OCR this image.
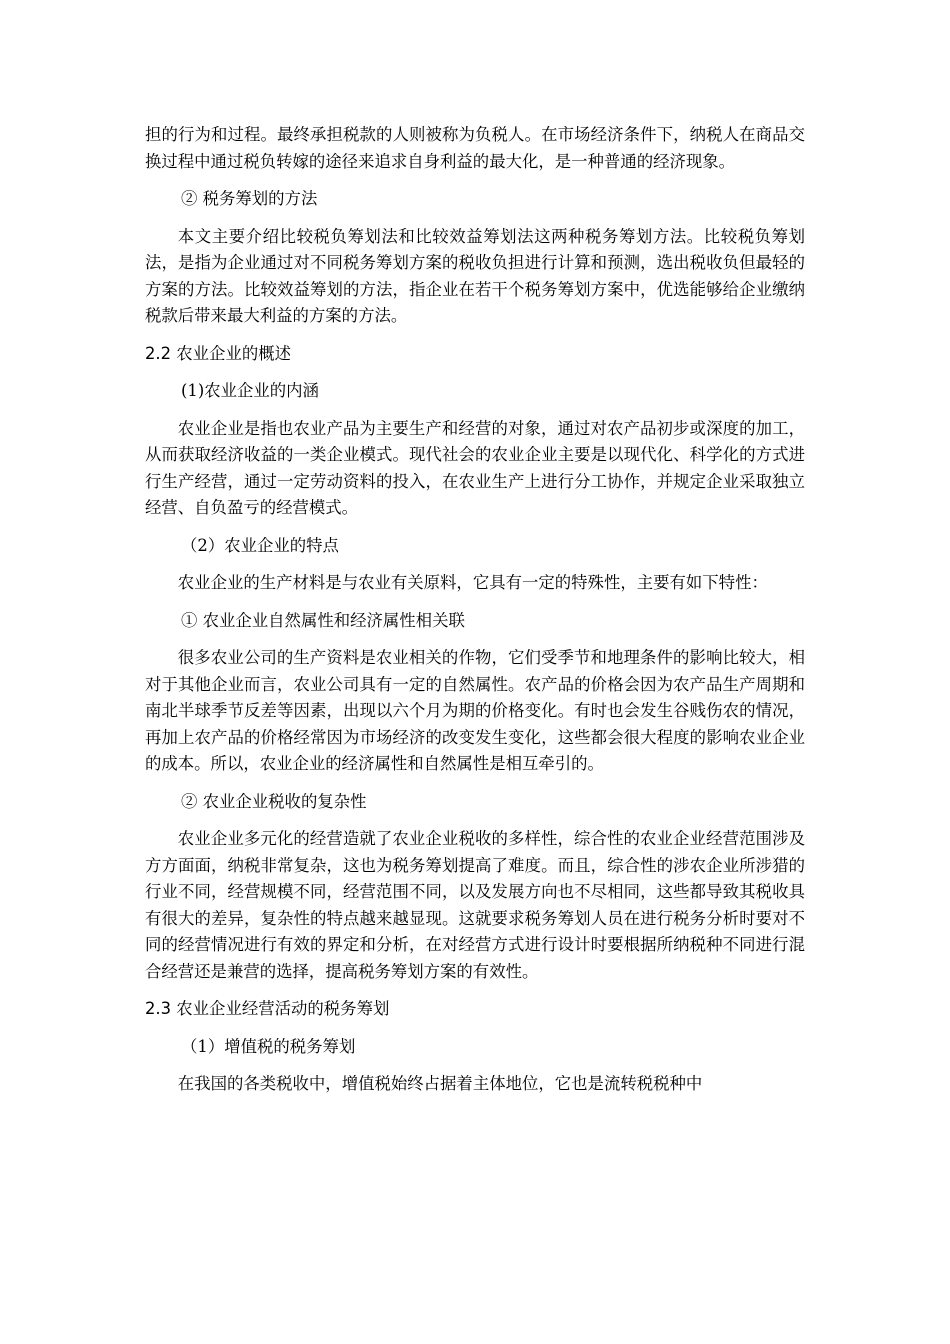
担的行为和过程。最终承担税款的人则被称为负税人。在市场经济条件下，纳税人在商品交换过程中通过税负转嫁的途径来追求自身利益的最大化，是一种普通的经济现象。

② 税务筹划的方法

本文主要介绍比较税负筹划法和比较效益筹划法这两种税务筹划方法。比较税负筹划法，是指为企业通过对不同税务筹划方案的税收负担进行计算和预测，选出税收负但最轻的方案的方法。比较效益筹划的方法，指企业在若干个税务筹划方案中，优选能够给企业缴纳税款后带来最大利益的方案的方法。

2.2 农业企业的概述

(1)农业企业的内涵

农业企业是指也农业产品为主要生产和经营的对象，通过对农产品初步或深度的加工，从而获取经济收益的一类企业模式。现代社会的农业企业主要是以现代化、科学化的方式进行生产经营，通过一定劳动资料的投入，在农业生产上进行分工协作，并规定企业采取独立经营、自负盈亏的经营模式。

（2）农业企业的特点

农业企业的生产材料是与农业有关原料，它具有一定的特殊性，主要有如下特性：

① 农业企业自然属性和经济属性相关联

很多农业公司的生产资料是农业相关的作物，它们受季节和地理条件的影响比较大，相对于其他企业而言，农业公司具有一定的自然属性。农产品的价格会因为农产品生产周期和南北半球季节反差等因素，出现以六个月为期的价格变化。有时也会发生谷贱伤农的情况，再加上农产品的价格经常因为市场经济的改变发生变化，这些都会很大程度的影响农业企业的成本。所以，农业企业的经济属性和自然属性是相互牵引的。

② 农业企业税收的复杂性

农业企业多元化的经营造就了农业企业税收的多样性，综合性的农业企业经营范围涉及方方面面，纳税非常复杂，这也为税务筹划提高了难度。而且，综合性的涉农企业所涉猎的行业不同，经营规模不同，经营范围不同，以及发展方向也不尽相同，这些都导致其税收具有很大的差异，复杂性的特点越来越显现。这就要求税务筹划人员在进行税务分析时要对不同的经营情况进行有效的界定和分析，在对经营方式进行设计时要根据所纳税种不同进行混合经营还是兼营的选择，提高税务筹划方案的有效性。

2.3 农业企业经营活动的税务筹划

（1）增值税的税务筹划

在我国的各类税收中，增值税始终占据着主体地位，它也是流转税税种中
